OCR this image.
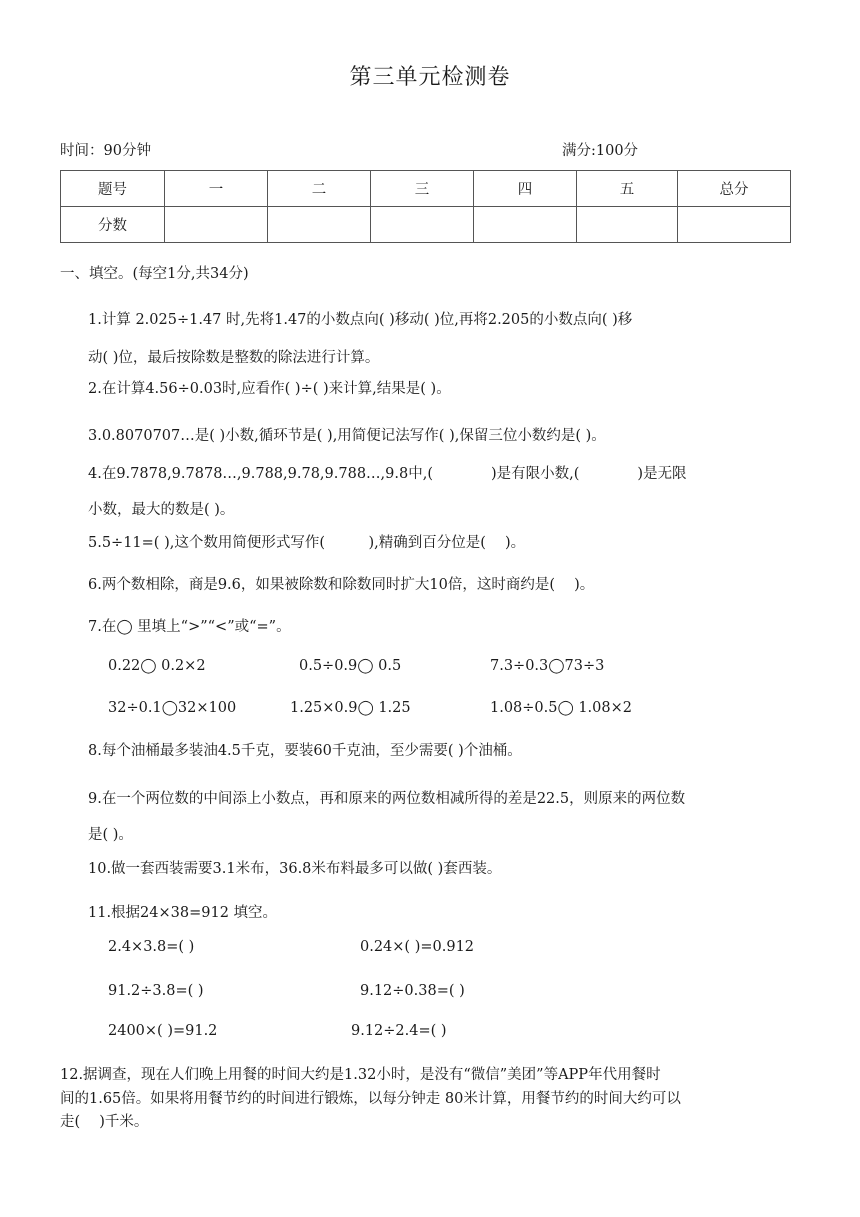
第三单元检测卷
时间：90分钟	满分:100分
题号	一	二	三	四	五	总分
分数						
一、填空。(每空1分,共34分)
1.计算 2.025÷1.47 时,先将1.47的小数点向( )移动( )位,再将2.205的小数点向( )移
动( )位，最后按除数是整数的除法进行计算。
2.在计算4.56÷0.03时,应看作( )÷( )来计算,结果是( )。
3.0.8070707…是( )小数,循环节是( ),用简便记法写作( ),保留三位小数约是( )。
4.在9.7878,9.7878…,9.788,9.78,9.788…,9.8中,(　　　　)是有限小数,(　　　　)是无限
小数，最大的数是( )。
5.5÷11=( ),这个数用简便形式写作(　　　),精确到百分位是(　 )。
6.两个数相除，商是9.6，如果被除数和除数同时扩大10倍，这时商约是(　 )。
7.在◯ 里填上“>”“<”或“=”。
0.22◯ 0.2×2	0.5÷0.9◯ 0.5	7.3÷0.3◯73÷3
32÷0.1◯32×100	1.25×0.9◯ 1.25	1.08÷0.5◯ 1.08×2
8.每个油桶最多装油4.5千克，要装60千克油，至少需要( )个油桶。
9.在一个两位数的中间添上小数点，再和原来的两位数相减所得的差是22.5，则原来的两位数
是( )。
10.做一套西装需要3.1米布，36.8米布料最多可以做( )套西装。
11.根据24×38=912 填空。
2.4×3.8=( )	0.24×( )=0.912
91.2÷3.8=( )	9.12÷0.38=( )
2400×( )=91.2	9.12÷2.4=( )
12.据调查，现在人们晚上用餐的时间大约是1.32小时，是没有“微信”美团”等APP年代用餐时
间的1.65倍。如果将用餐节约的时间进行锻炼，以每分钟走 80米计算，用餐节约的时间大约可以
走(　 )千米。
